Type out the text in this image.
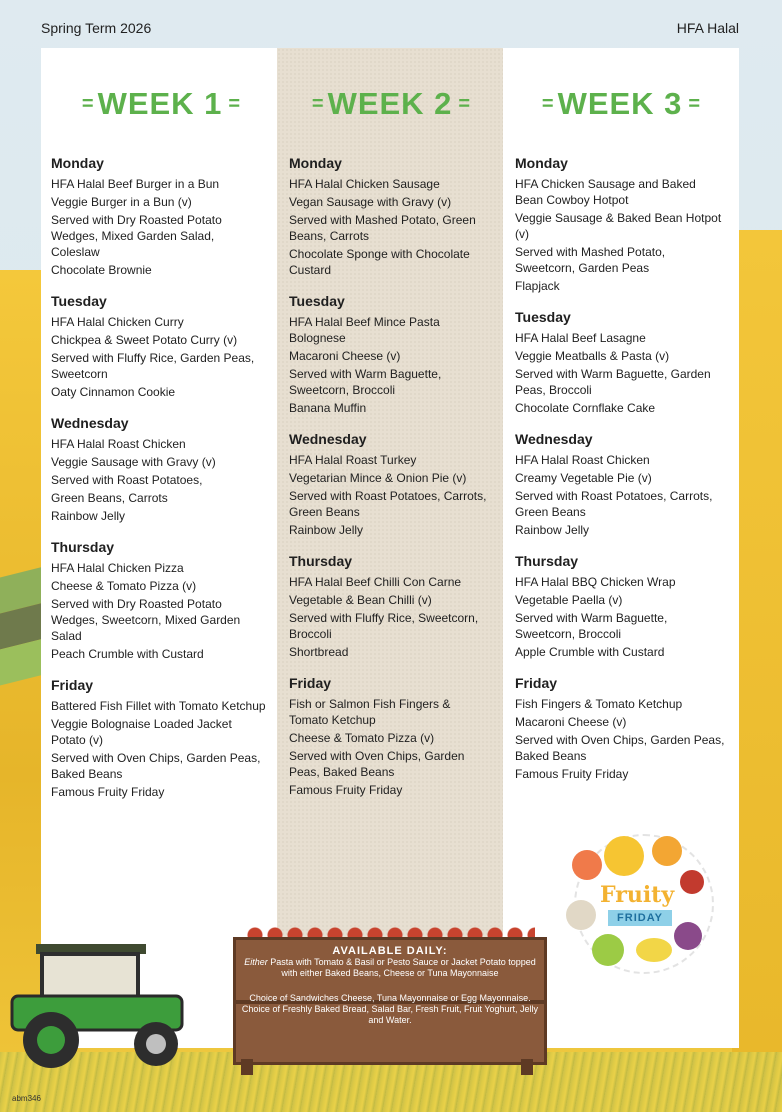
Spring Term 2026	HFA Halal
= WEEK 1 =	= WEEK 2 =	= WEEK 3 =
Monday
HFA Halal Beef Burger in a Bun
Veggie Burger in a Bun (v)
Served with Dry Roasted Potato Wedges, Mixed Garden Salad, Coleslaw
Chocolate Brownie
Tuesday
HFA Halal Chicken Curry
Chickpea & Sweet Potato Curry (v)
Served with Fluffy Rice, Garden Peas, Sweetcorn
Oaty Cinnamon Cookie
Wednesday
HFA Halal Roast Chicken
Veggie Sausage with Gravy (v)
Served with Roast Potatoes,
Green Beans, Carrots
Rainbow Jelly
Thursday
HFA Halal Chicken Pizza
Cheese & Tomato Pizza (v)
Served with Dry Roasted Potato Wedges, Sweetcorn, Mixed Garden Salad
Peach Crumble with Custard
Friday
Battered Fish Fillet with Tomato Ketchup
Veggie Bolognaise Loaded Jacket Potato (v)
Served with Oven Chips, Garden Peas, Baked Beans
Famous Fruity Friday
Monday
HFA Halal Chicken Sausage
Vegan Sausage with Gravy (v)
Served with Mashed Potato, Green Beans, Carrots
Chocolate Sponge with Chocolate Custard
Tuesday
HFA Halal Beef Mince Pasta Bolognese
Macaroni Cheese (v)
Served with Warm Baguette, Sweetcorn, Broccoli
Banana Muffin
Wednesday
HFA Halal Roast Turkey
Vegetarian Mince & Onion Pie (v)
Served with Roast Potatoes, Carrots, Green Beans
Rainbow Jelly
Thursday
HFA Halal Beef Chilli Con Carne
Vegetable & Bean Chilli (v)
Served with Fluffy Rice, Sweetcorn, Broccoli
Shortbread
Friday
Fish or Salmon Fish Fingers & Tomato Ketchup
Cheese & Tomato Pizza (v)
Served with Oven Chips, Garden Peas, Baked Beans
Famous Fruity Friday
Monday
HFA Chicken Sausage and Baked Bean Cowboy Hotpot
Veggie Sausage & Baked Bean Hotpot (v)
Served with Mashed Potato, Sweetcorn, Garden Peas
Flapjack
Tuesday
HFA Halal Beef Lasagne
Veggie Meatballs & Pasta (v)
Served with Warm Baguette, Garden Peas, Broccoli
Chocolate Cornflake Cake
Wednesday
HFA Halal Roast Chicken
Creamy Vegetable Pie (v)
Served with Roast Potatoes, Carrots, Green Beans
Rainbow Jelly
Thursday
HFA Halal BBQ Chicken Wrap
Vegetable Paella (v)
Served with Warm Baguette, Sweetcorn, Broccoli
Apple Crumble with Custard
Friday
Fish Fingers & Tomato Ketchup
Macaroni Cheese (v)
Served with Oven Chips, Garden Peas, Baked Beans
Famous Fruity Friday
Fruity
FRIDAY
AVAILABLE DAILY:
Either Pasta with Tomato & Basil or Pesto Sauce or Jacket Potato topped with either Baked Beans, Cheese or Tuna Mayonnaise
Choice of Sandwiches Cheese, Tuna Mayonnaise or Egg Mayonnaise.
Choice of Freshly Baked Bread, Salad Bar, Fresh Fruit, Fruit Yoghurt, Jelly and Water.
abm346
